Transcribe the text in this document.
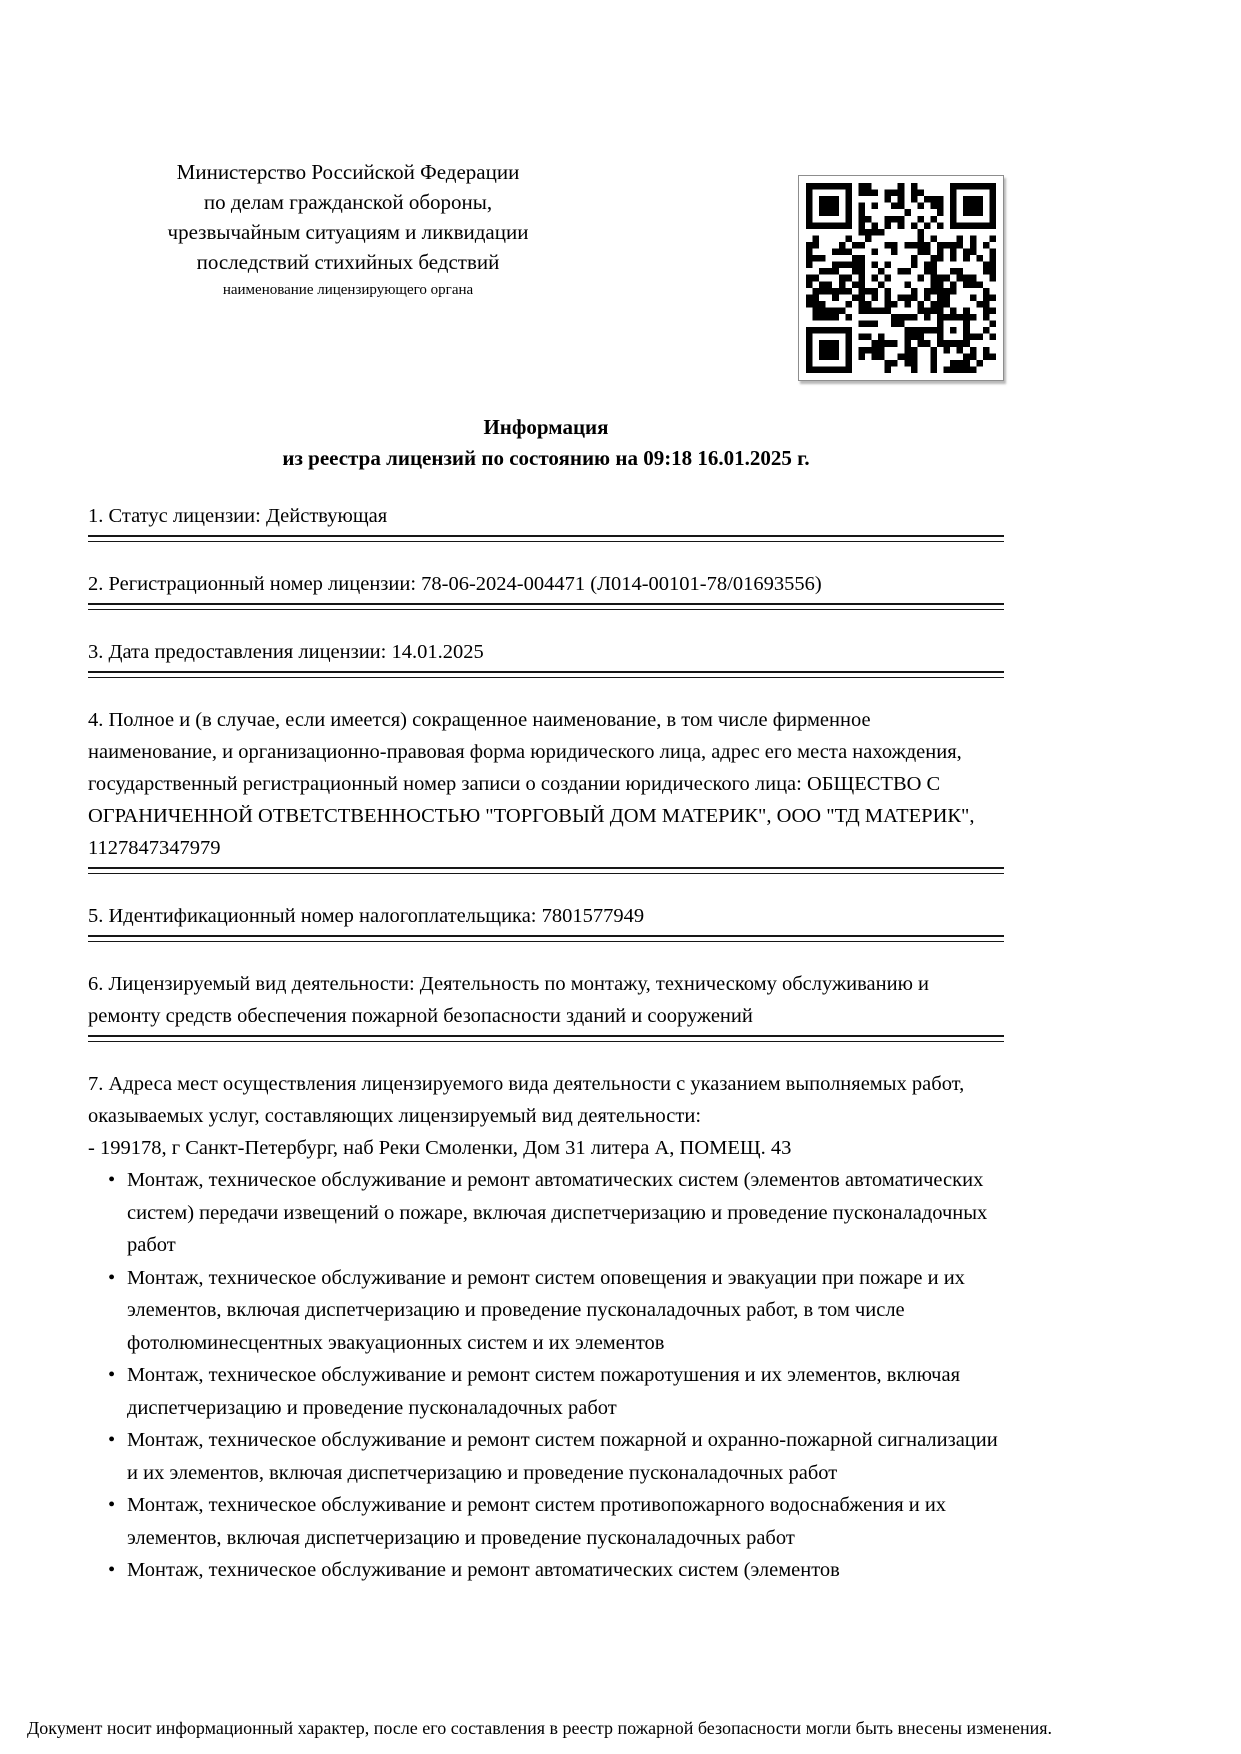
Министерство Российской Федерации
по делам гражданской обороны,
чрезвычайным ситуациям и ликвидации
последствий стихийных бедствий
наименование лицензирующего органа
Информация
из реестра лицензий по состоянию на 09:18 16.01.2025 г.

1. Статус лицензии: Действующая

2. Регистрационный номер лицензии: 78-06-2024-004471 (Л014-00101-78/01693556)

3. Дата предоставления лицензии: 14.01.2025

4. Полное и (в случае, если имеется) сокращенное наименование, в том числе фирменное наименование, и организационно-правовая форма юридического лица, адрес его места нахождения, государственный регистрационный номер записи о создании юридического лица: ОБЩЕСТВО С ОГРАНИЧЕННОЙ ОТВЕТСТВЕННОСТЬЮ "ТОРГОВЫЙ ДОМ МАТЕРИК", ООО "ТД МАТЕРИК", 1127847347979

5. Идентификационный номер налогоплательщика: 7801577949

6. Лицензируемый вид деятельности: Деятельность по монтажу, техническому обслуживанию и ремонту средств обеспечения пожарной безопасности зданий и сооружений

7. Адреса мест осуществления лицензируемого вида деятельности с указанием выполняемых работ, оказываемых услуг, составляющих лицензируемый вид деятельности:

- 199178, г Санкт-Петербург, наб Реки Смоленки, Дом 31 литера А, ПОМЕЩ. 43
• Монтаж, техническое обслуживание и ремонт автоматических систем (элементов автоматических систем) передачи извещений о пожаре, включая диспетчеризацию и проведение пусконаладочных работ
• Монтаж, техническое обслуживание и ремонт систем оповещения и эвакуации при пожаре и их элементов, включая диспетчеризацию и проведение пусконаладочных работ, в том числе фотолюминесцентных эвакуационных систем и их элементов
• Монтаж, техническое обслуживание и ремонт систем пожаротушения и их элементов, включая диспетчеризацию и проведение пусконаладочных работ
• Монтаж, техническое обслуживание и ремонт систем пожарной и охранно-пожарной сигнализации и их элементов, включая диспетчеризацию и проведение пусконаладочных работ
• Монтаж, техническое обслуживание и ремонт систем противопожарного водоснабжения и их элементов, включая диспетчеризацию и проведение пусконаладочных работ
• Монтаж, техническое обслуживание и ремонт автоматических систем (элементов
Документ носит информационный характер, после его составления в реестр пожарной безопасности могли быть внесены изменения.
